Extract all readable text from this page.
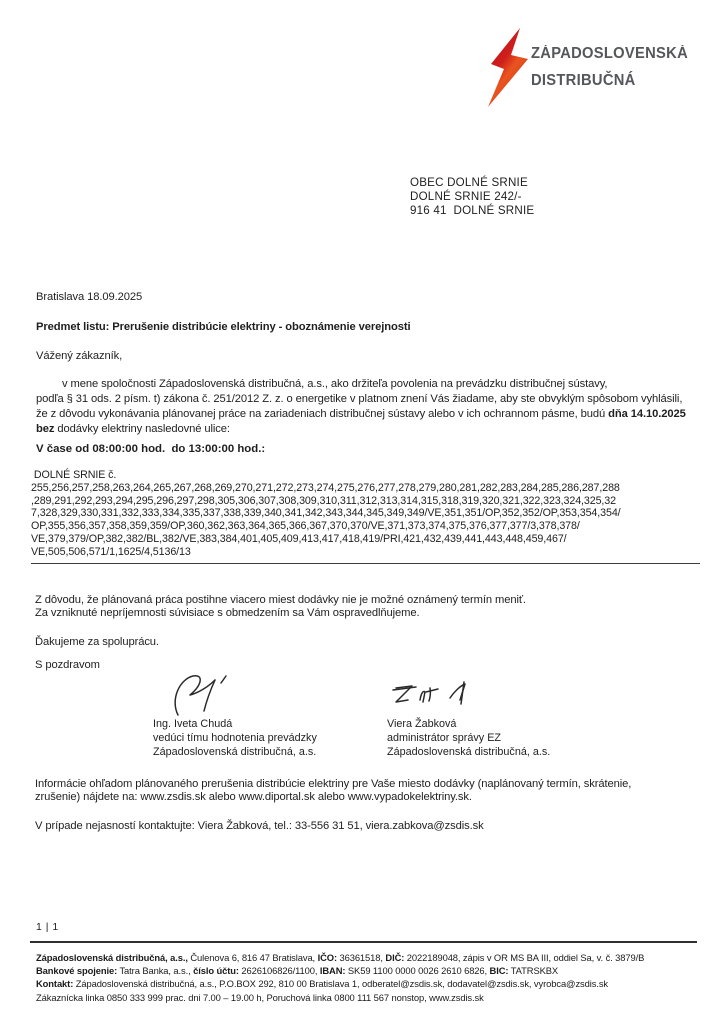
ZÁPADOSLOVENSKÁ
DISTRIBUČNÁ
OBEC DOLNÉ SRNIE
DOLNÉ SRNIE 242/-
916 41  DOLNÉ SRNIE
Bratislava 18.09.2025
Predmet listu: Prerušenie distribúcie elektriny - oboznámenie verejnosti
Vážený zákazník,
v mene spoločnosti Západoslovenská distribučná, a.s., ako držiteľa povolenia na prevádzku distribučnej sústavy,
podľa § 31 ods. 2 písm. t) zákona č. 251/2012 Z. z. o energetike v platnom znení Vás žiadame, aby ste obvyklým spôsobom vyhlásili,
že z dôvodu vykonávania plánovanej práce na zariadeniach distribučnej sústavy alebo v ich ochrannom pásme, budú dňa 14.10.2025
bez dodávky elektriny nasledovné ulice:
V čase od 08:00:00 hod.  do 13:00:00 hod.:
DOLNÉ SRNIE č.
255,256,257,258,263,264,265,267,268,269,270,271,272,273,274,275,276,277,278,279,280,281,282,283,284,285,286,287,288
,289,291,292,293,294,295,296,297,298,305,306,307,308,309,310,311,312,313,314,315,318,319,320,321,322,323,324,325,32
7,328,329,330,331,332,333,334,335,337,338,339,340,341,342,343,344,345,349,349/VE,351,351/OP,352,352/OP,353,354,354/
OP,355,356,357,358,359,359/OP,360,362,363,364,365,366,367,370,370/VE,371,373,374,375,376,377,377/3,378,378/
VE,379,379/OP,382,382/BL,382/VE,383,384,401,405,409,413,417,418,419/PRI,421,432,439,441,443,448,459,467/
VE,505,506,571/1,1625/4,5136/13
Z dôvodu, že plánovaná práca postihne viacero miest dodávky nie je možné oznámený termín meniť.
Za vzniknuté nepríjemnosti súvisiace s obmedzením sa Vám ospravedlňujeme.
Ďakujeme za spoluprácu.
S pozdravom
Ing. Iveta Chudá
vedúci tímu hodnotenia prevádzky
Západoslovenská distribučná, a.s.
Viera Žabková
administrátor správy EZ
Západoslovenská distribučná, a.s.
Informácie ohľadom plánovaného prerušenia distribúcie elektriny pre Vaše miesto dodávky (naplánovaný termín, skrátenie,
zrušenie) nájdete na: www.zsdis.sk alebo www.diportal.sk alebo www.vypadokelektriny.sk.
V prípade nejasností kontaktujte: Viera Žabková, tel.: 33-556 31 51, viera.zabkova@zsdis.sk
1 | 1
Západoslovenská distribučná, a.s., Čulenova 6, 816 47 Bratislava, IČO: 36361518, DIČ: 2022189048, zápis v OR MS BA III, oddiel Sa, v. č. 3879/B
Bankové spojenie: Tatra Banka, a.s., číslo účtu: 2626106826/1100, IBAN: SK59 1100 0000 0026 2610 6826, BIC: TATRSKBX
Kontakt: Západoslovenská distribučná, a.s., P.O.BOX 292, 810 00 Bratislava 1, odberatel@zsdis.sk, dodavatel@zsdis.sk, vyrobca@zsdis.sk
Zákaznícka linka 0850 333 999 prac. dni 7.00 – 19.00 h, Poruchová linka 0800 111 567 nonstop, www.zsdis.sk
